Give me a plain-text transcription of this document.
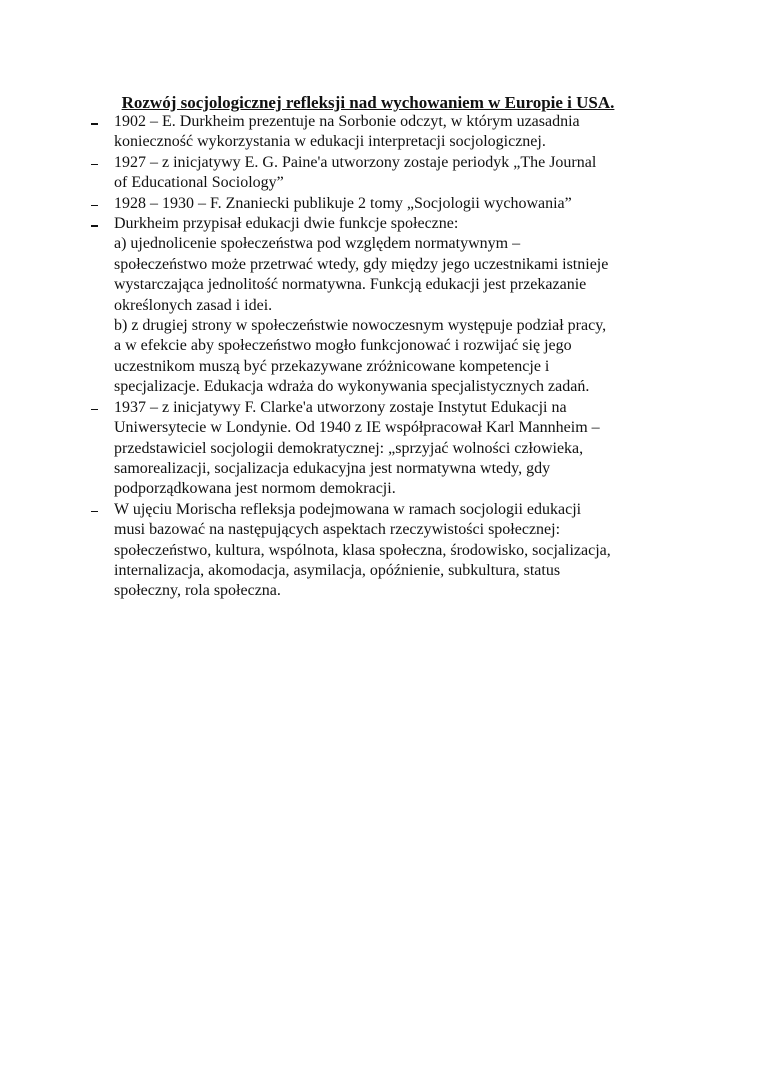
Rozwój socjologicznej refleksji nad wychowaniem w Europie i USA.
1902 – E. Durkheim prezentuje na Sorbonie odczyt, w którym uzasadnia
konieczność wykorzystania w edukacji interpretacji socjologicznej.
1927 – z inicjatywy E. G. Paine'a utworzony zostaje periodyk „The Journal
of Educational Sociology”
1928 – 1930 – F. Znaniecki publikuje 2 tomy „Socjologii wychowania”
Durkheim przypisał edukacji dwie funkcje społeczne:
a) ujednolicenie społeczeństwa pod względem normatywnym –
społeczeństwo może przetrwać wtedy, gdy między jego uczestnikami istnieje
wystarczająca jednolitość normatywna. Funkcją edukacji jest przekazanie
określonych zasad i idei.
b) z drugiej strony w społeczeństwie nowoczesnym występuje podział pracy,
a w efekcie aby społeczeństwo mogło funkcjonować i rozwijać się jego
uczestnikom muszą być przekazywane zróżnicowane kompetencje i
specjalizacje. Edukacja wdraża do wykonywania specjalistycznych zadań.
1937 – z inicjatywy F. Clarke'a utworzony zostaje Instytut Edukacji na
Uniwersytecie w Londynie. Od 1940 z IE współpracował Karl Mannheim –
przedstawiciel socjologii demokratycznej: „sprzyjać wolności człowieka,
samorealizacji, socjalizacja edukacyjna jest normatywna wtedy, gdy
podporządkowana jest normom demokracji.
W ujęciu Morischa refleksja podejmowana w ramach socjologii edukacji
musi bazować na następujących aspektach rzeczywistości społecznej:
społeczeństwo, kultura, wspólnota, klasa społeczna, środowisko, socjalizacja,
internalizacja, akomodacja, asymilacja, opóźnienie, subkultura, status
społeczny, rola społeczna.
